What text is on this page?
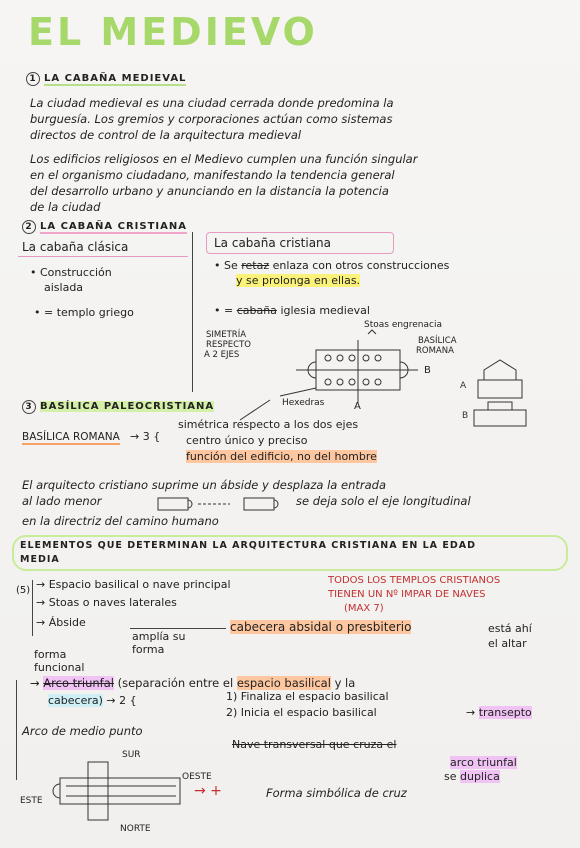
EL MEDIEVO
1 LA CABAÑA MEDIEVAL
La ciudad medieval es una ciudad cerrada donde predomina la
burguesía. Los gremios y corporaciones actúan como sistemas
directos de control de la arquitectura medieval
Los edificios religiosos en el Medievo cumplen una función singular
en el organismo ciudadano, manifestando la tendencia general
del desarrollo urbano y anunciando en la distancia la potencia
de la ciudad
2 LA CABAÑA CRISTIANA
La cabaña clásica	La cabaña cristiana
• Construcción
aislada
• = templo griego
• Se retaz enlaza con otros construcciones
y se prolonga en ellas.
• = cabaña iglesia medieval
Stoas engrenacia
SIMETRÍA
RESPECTO
A 2 EJES
BASÍLICA
ROMANA
B
A
Hexedras
A
B
3 BASÍLICA PALEOCRISTIANA
BASÍLICA ROMANA → 3 {
simétrica respecto a los dos ejes
centro único y preciso
función del edificio, no del hombre
El arquitecto cristiano suprime un ábside y desplaza la entrada
al lado menor	se deja solo el eje longitudinal
en la directriz del camino humano
ELEMENTOS QUE DETERMINAN LA ARQUITECTURA CRISTIANA EN LA EDAD
MEDIA
(5) → Espacio basilical o nave principal
→ Stoas o naves laterales
→ Ábside
TODOS LOS TEMPLOS CRISTIANOS
TIENEN UN Nº IMPAR DE NAVES
(MAX 7)
amplía su
forma
cabecera absidal o presbiterio	está ahí
el altar
forma
funcional
→ Arco triunfal (separación entre el espacio basilical y la
cabecera) → 2 {	1) Finaliza el espacio basilical
2) Inicia el espacio basilical	→ transepto
Arco de medio punto
Nave transversal que cruza el
arco triunfal
se duplica
SUR
NORTE
ESTE
OESTE
→ +	Forma simbólica de cruz
